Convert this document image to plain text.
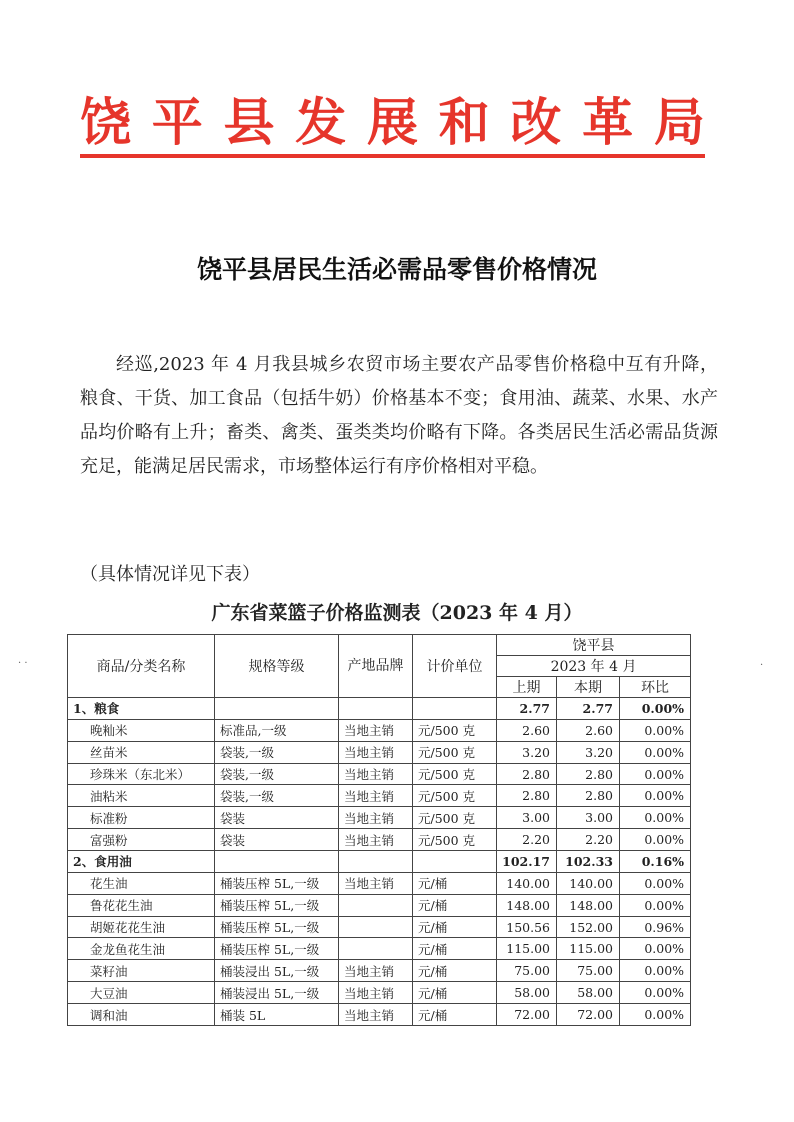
饶 平 县 发 展 和 改 革 局
饶平县居民生活必需品零售价格情况
经巡,2023 年 4 月我县城乡农贸市场主要农产品零售价格稳中互有升降，粮食、干货、加工食品（包括牛奶）价格基本不变；食用油、蔬菜、水果、水产品均价略有上升；畜类、禽类、蛋类类均价略有下降。各类居民生活必需品货源充足，能满足居民需求，市场整体运行有序价格相对平稳。
（具体情况详见下表）
广东省菜篮子价格监测表（2023 年 4 月）
商品/分类名称	规格等级	产地品牌	计价单位	饶平县		
				2023 年 4 月		
				上期	本期	环比
1、粮食				2.77	2.77	0.00%
晚籼米	标准品,一级	当地主销	元/500 克	2.60	2.60	0.00%
丝苗米	袋装,一级	当地主销	元/500 克	3.20	3.20	0.00%
珍珠米（东北米）	袋装,一级	当地主销	元/500 克	2.80	2.80	0.00%
油粘米	袋装,一级	当地主销	元/500 克	2.80	2.80	0.00%
标准粉	袋装	当地主销	元/500 克	3.00	3.00	0.00%
富强粉	袋装	当地主销	元/500 克	2.20	2.20	0.00%
2、食用油				102.17	102.33	0.16%
花生油	桶装压榨 5L,一级	当地主销	元/桶	140.00	140.00	0.00%
鲁花花生油	桶装压榨 5L,一级		元/桶	148.00	148.00	0.00%
胡姬花花生油	桶装压榨 5L,一级		元/桶	150.56	152.00	0.96%
金龙鱼花生油	桶装压榨 5L,一级		元/桶	115.00	115.00	0.00%
菜籽油	桶装浸出 5L,一级	当地主销	元/桶	75.00	75.00	0.00%
大豆油	桶装浸出 5L,一级	当地主销	元/桶	58.00	58.00	0.00%
调和油	桶装 5L	当地主销	元/桶	72.00	72.00	0.00%
· ·	·
